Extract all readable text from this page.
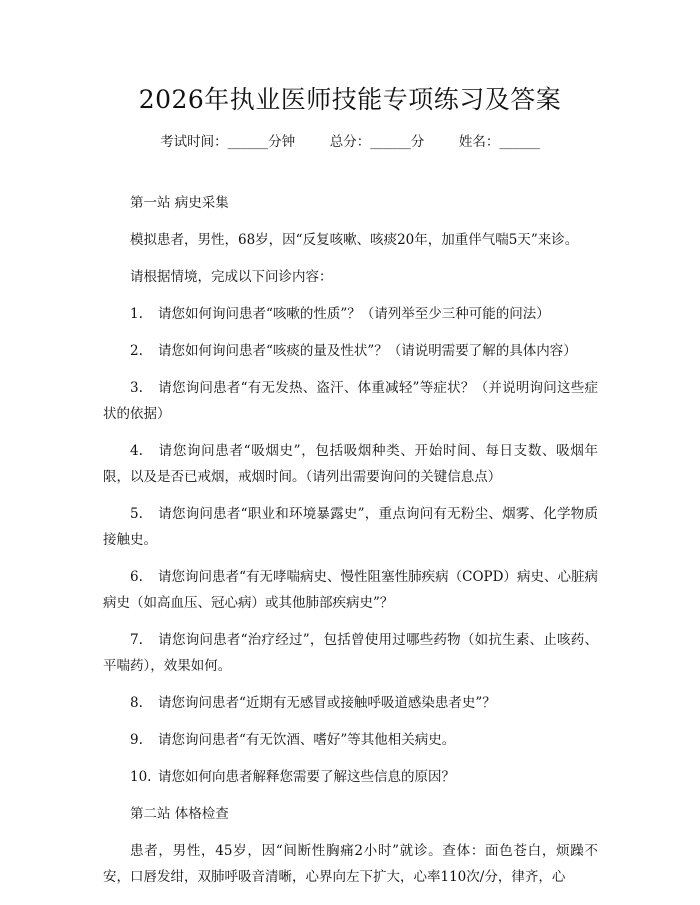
2026年执业医师技能专项练习及答案
考试时间：______分钟	总分：______分	姓名：______

第一站 病史采集

模拟患者，男性，68岁，因“反复咳嗽、咳痰20年，加重伴气喘5天”来诊。

请根据情境，完成以下问诊内容：

1. 请您如何询问患者“咳嗽的性质”？（请列举至少三种可能的问法）

2. 请您如何询问患者“咳痰的量及性状”？（请说明需要了解的具体内容）

3. 请您询问患者“有无发热、盗汗、体重减轻”等症状？（并说明询问这些症状的依据）

4. 请您询问患者“吸烟史”，包括吸烟种类、开始时间、每日支数、吸烟年限，以及是否已戒烟，戒烟时间。（请列出需要询问的关键信息点）

5. 请您询问患者“职业和环境暴露史”，重点询问有无粉尘、烟雾、化学物质接触史。

6. 请您询问患者“有无哮喘病史、慢性阻塞性肺疾病（COPD）病史、心脏病病史（如高血压、冠心病）或其他肺部疾病史”？

7. 请您询问患者“治疗经过”，包括曾使用过哪些药物（如抗生素、止咳药、平喘药），效果如何。

8. 请您询问患者“近期有无感冒或接触呼吸道感染患者史”？

9. 请您询问患者“有无饮酒、嗜好”等其他相关病史。

10. 请您如何向患者解释您需要了解这些信息的原因？

第二站 体格检查

患者，男性，45岁，因“间断性胸痛2小时”就诊。查体：面色苍白，烦躁不安，口唇发绀，双肺呼吸音清晰，心界向左下扩大，心率110次/分，律齐，心
